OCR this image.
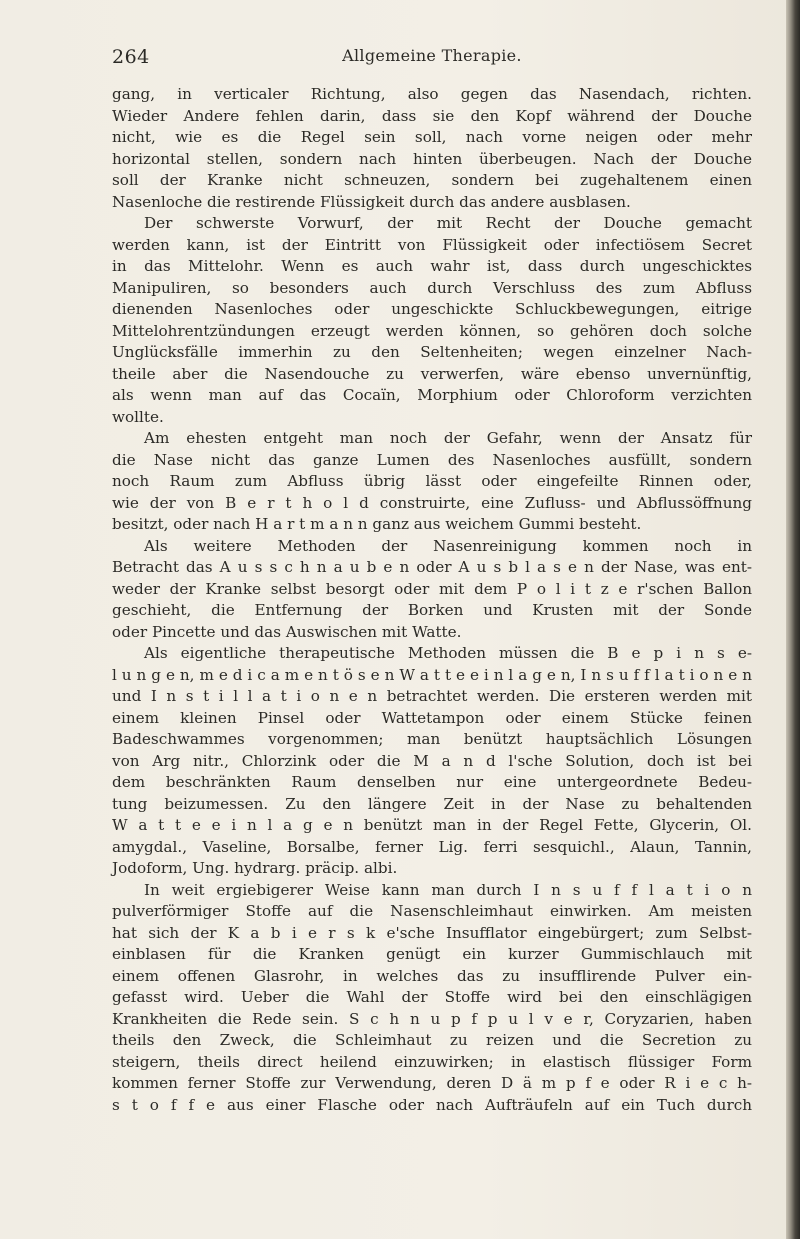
264	Allgemeine Therapie.
gang, in verticaler Richtung, also gegen das Nasendach, richten.
Wieder Andere fehlen darin, dass sie den Kopf während der Douche
nicht, wie es die Regel sein soll, nach vorne neigen oder mehr
horizontal stellen, sondern nach hinten überbeugen. Nach der Douche
soll der Kranke nicht schneuzen, sondern bei zugehaltenem einen
Nasenloche die restirende Flüssigkeit durch das andere ausblasen.
Der schwerste Vorwurf, der mit Recht der Douche gemacht
werden kann, ist der Eintritt von Flüssigkeit oder infectiösem Secret
in das Mittelohr. Wenn es auch wahr ist, dass durch ungeschicktes
Manipuliren, so besonders auch durch Verschluss des zum Abfluss
dienenden Nasenloches oder ungeschickte Schluckbewegungen, eitrige
Mittelohrentzündungen erzeugt werden können, so gehören doch solche
Unglücksfälle immerhin zu den Seltenheiten; wegen einzelner Nach-
theile aber die Nasendouche zu verwerfen, wäre ebenso unvernünftig,
als wenn man auf das Cocaïn, Morphium oder Chloroform verzichten
wollte.
Am ehesten entgeht man noch der Gefahr, wenn der Ansatz für
die Nase nicht das ganze Lumen des Nasenloches ausfüllt, sondern
noch Raum zum Abfluss übrig lässt oder eingefeilte Rinnen oder,
wie der von B e r t h o l d construirte, eine Zufluss- und Abflussöffnung
besitzt, oder nach H a r t m a n n ganz aus weichem Gummi besteht.
Als weitere Methoden der Nasenreinigung kommen noch in
Betracht das A u s s c h n a u b e n oder A u s b l a s e n der Nase, was ent-
weder der Kranke selbst besorgt oder mit dem P o l i t z e r'schen Ballon
geschieht, die Entfernung der Borken und Krusten mit der Sonde
oder Pincette und das Auswischen mit Watte.
Als eigentliche therapeutische Methoden müssen die B e p i n s e-
l u n g e n, m e d i c a m e n t ö s e n W a t t e e i n l a g e n, I n s u f f l a t i o n e n
und I n s t i l l a t i o n e n betrachtet werden. Die ersteren werden mit
einem kleinen Pinsel oder Wattetampon oder einem Stücke feinen
Badeschwammes vorgenommen; man benützt hauptsächlich Lösungen
von Arg nitr., Chlorzink oder die M a n d l'sche Solution, doch ist bei
dem beschränkten Raum denselben nur eine untergeordnete Bedeu-
tung beizumessen. Zu den längere Zeit in der Nase zu behaltenden
W a t t e e i n l a g e n benützt man in der Regel Fette, Glycerin, Ol.
amygdal., Vaseline, Borsalbe, ferner Lig. ferri sesquichl., Alaun, Tannin,
Jodoform, Ung. hydrarg. präcip. albi.
In weit ergiebigerer Weise kann man durch I n s u f f l a t i o n
pulverförmiger Stoffe auf die Nasenschleimhaut einwirken. Am meisten
hat sich der K a b i e r s k e'sche Insufflator eingebürgert; zum Selbst-
einblasen für die Kranken genügt ein kurzer Gummischlauch mit
einem offenen Glasrohr, in welches das zu insufflirende Pulver ein-
gefasst wird. Ueber die Wahl der Stoffe wird bei den einschlägigen
Krankheiten die Rede sein. S c h n u p f p u l v e r, Coryzarien, haben
theils den Zweck, die Schleimhaut zu reizen und die Secretion zu
steigern, theils direct heilend einzuwirken; in elastisch flüssiger Form
kommen ferner Stoffe zur Verwendung, deren D ä m p f e oder R i e c h-
s t o f f e aus einer Flasche oder nach Aufträufeln auf ein Tuch durch
